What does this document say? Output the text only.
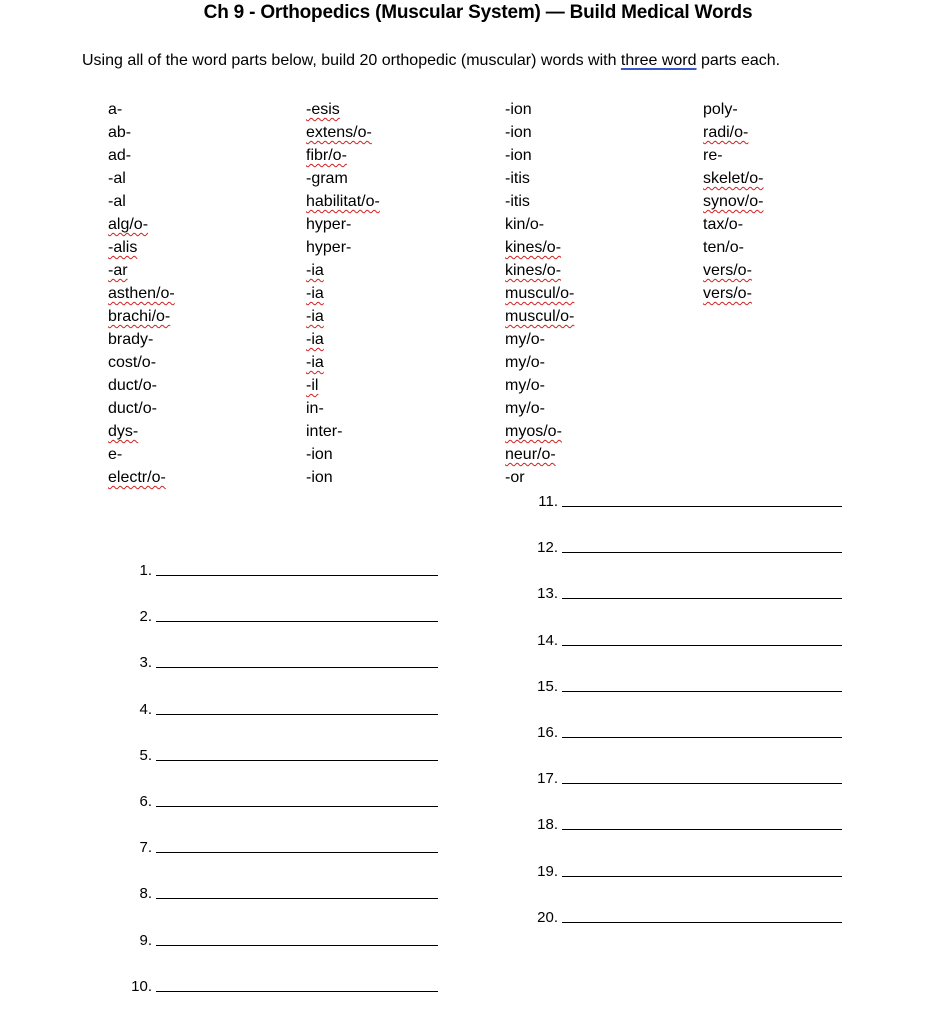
Ch 9 - Orthopedics (Muscular System) — Build Medical Words
Using all of the word parts below, build 20 orthopedic (muscular) words with three word parts each.
a-
ab-
ad-
-al
-al
alg/o-
-alis
-ar
asthen/o-
brachi/o-
brady-
cost/o-
duct/o-
duct/o-
dys-
e-
electr/o-
-esis
extens/o-
fibr/o-
-gram
habilitat/o-
hyper-
hyper-
-ia
-ia
-ia
-ia
-ia
-il
in-
inter-
-ion
-ion
-ion
-ion
-ion
-itis
-itis
kin/o-
kines/o-
kines/o-
muscul/o-
muscul/o-
my/o-
my/o-
my/o-
my/o-
myos/o-
neur/o-
-or
poly-
radi/o-
re-
skelet/o-
synov/o-
tax/o-
ten/o-
vers/o-
vers/o-
1.
2.
3.
4.
5.
6.
7.
8.
9.
10.
11.
12.
13.
14.
15.
16.
17.
18.
19.
20.
